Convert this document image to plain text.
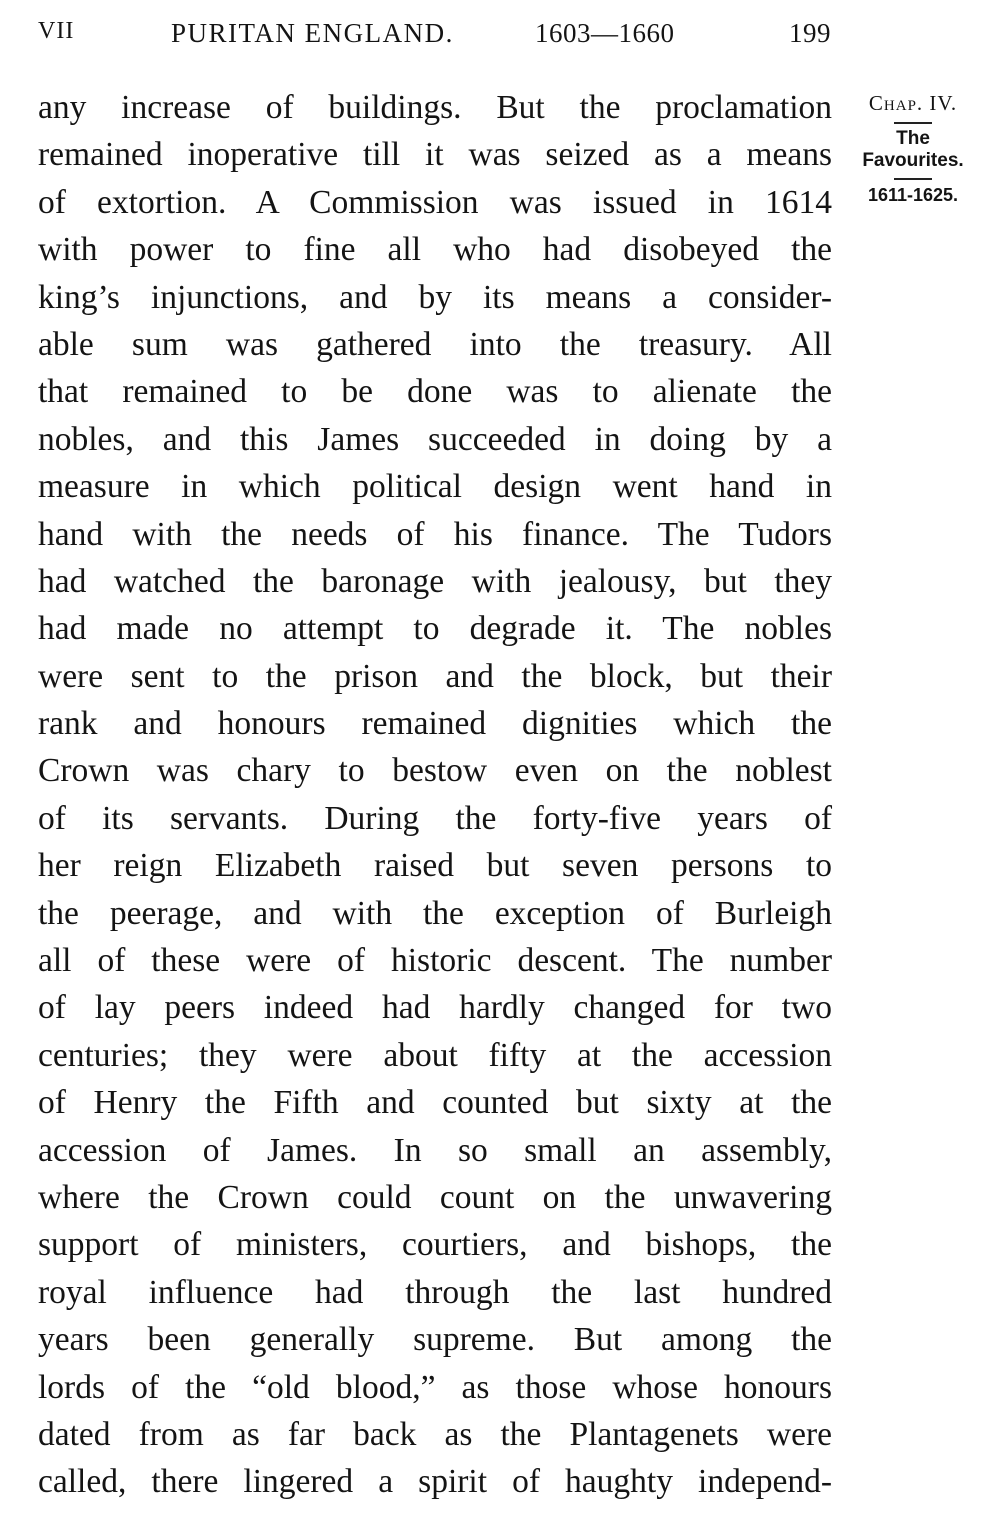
VII	PURITAN ENGLAND.	1603—1660	199
Chap. IV.
The
Favourites.
1611-1625.
any increase of buildings. But the proclamation
remained inoperative till it was seized as a means
of extortion. A Commission was issued in 1614
with power to fine all who had disobeyed the
king’s injunctions, and by its means a consider-
able sum was gathered into the treasury. All
that remained to be done was to alienate the
nobles, and this James succeeded in doing by a
measure in which political design went hand in
hand with the needs of his finance. The Tudors
had watched the baronage with jealousy, but they
had made no attempt to degrade it. The nobles
were sent to the prison and the block, but their
rank and honours remained dignities which the
Crown was chary to bestow even on the noblest
of its servants. During the forty-five years of
her reign Elizabeth raised but seven persons to
the peerage, and with the exception of Burleigh
all of these were of historic descent. The number
of lay peers indeed had hardly changed for two
centuries; they were about fifty at the accession
of Henry the Fifth and counted but sixty at the
accession of James. In so small an assembly,
where the Crown could count on the unwavering
support of ministers, courtiers, and bishops, the
royal influence had through the last hundred
years been generally supreme. But among the
lords of the “old blood,” as those whose honours
dated from as far back as the Plantagenets were
called, there lingered a spirit of haughty independ-
